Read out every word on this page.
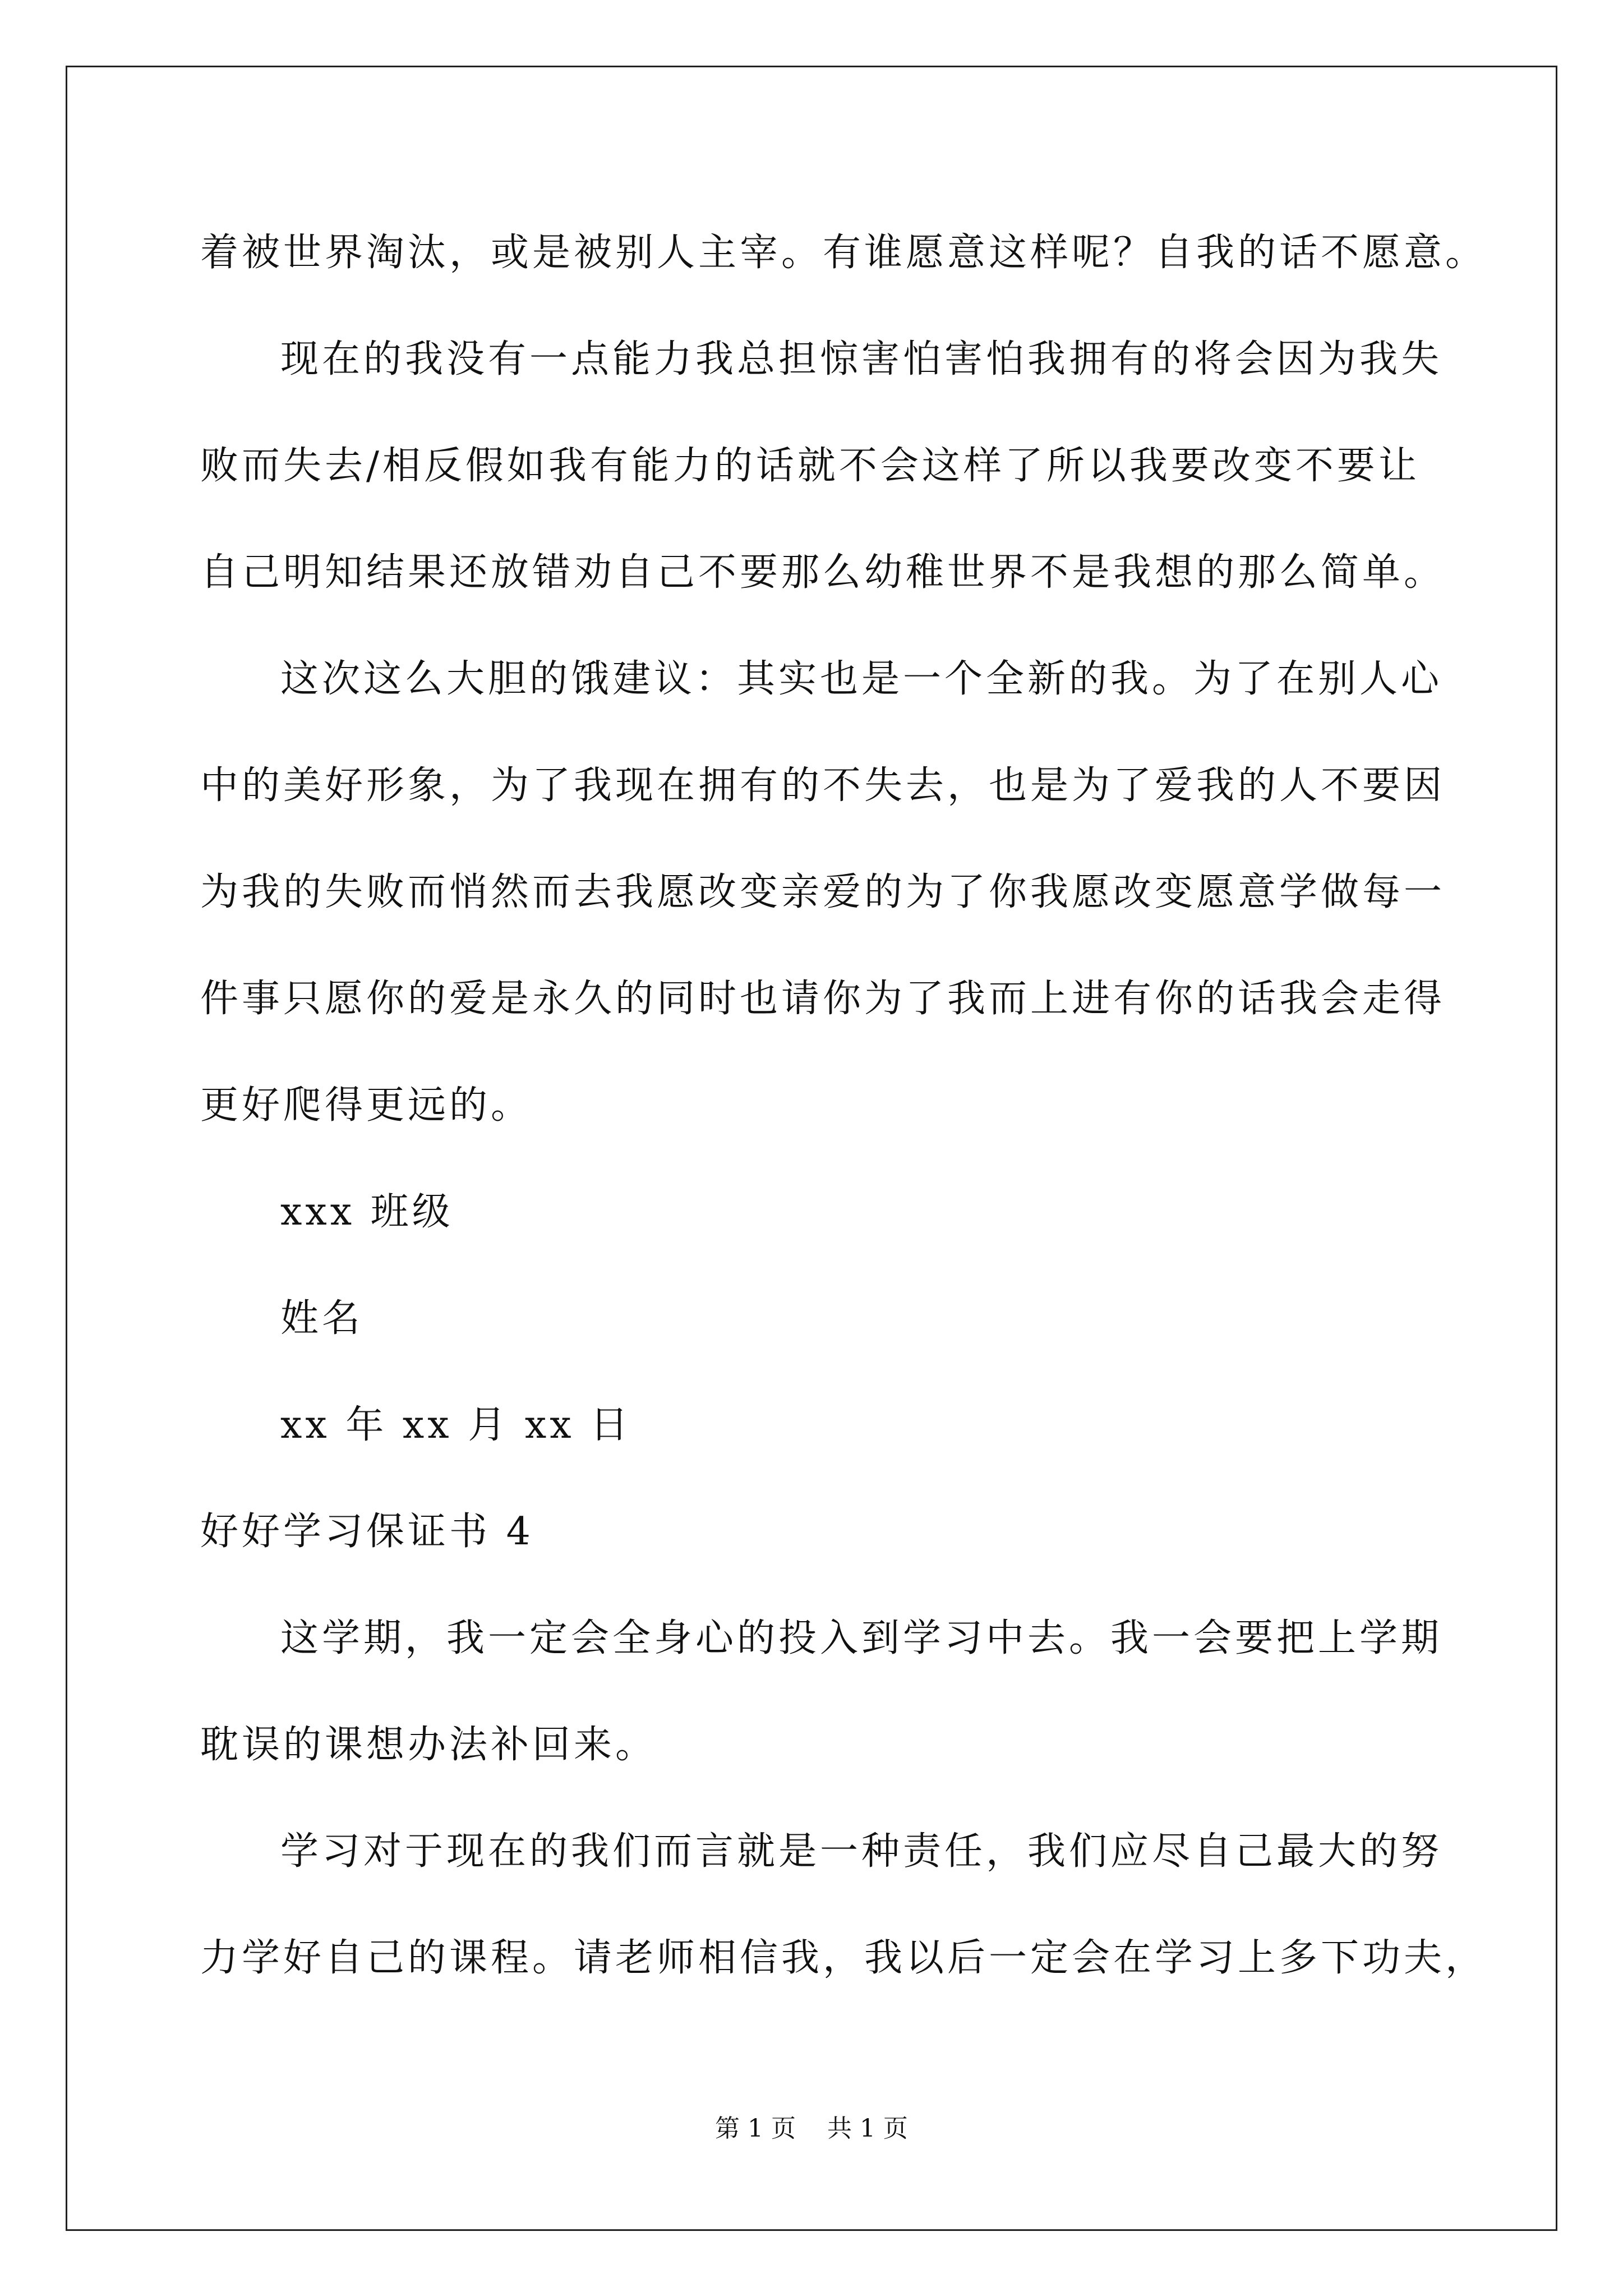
着被世界淘汰，或是被别人主宰。有谁愿意这样呢？自我的话不愿意。
现在的我没有一点能力我总担惊害怕害怕我拥有的将会因为我失
败而失去/相反假如我有能力的话就不会这样了所以我要改变不要让
自己明知结果还放错劝自己不要那么幼稚世界不是我想的那么简单。
这次这么大胆的饿建议：其实也是一个全新的我。为了在别人心
中的美好形象，为了我现在拥有的不失去，也是为了爱我的人不要因
为我的失败而悄然而去我愿改变亲爱的为了你我愿改变愿意学做每一
件事只愿你的爱是永久的同时也请你为了我而上进有你的话我会走得
更好爬得更远的。
xxx 班级
姓名
xx 年 xx 月 xx 日
好好学习保证书 4
这学期，我一定会全身心的投入到学习中去。我一会要把上学期
耽误的课想办法补回来。
学习对于现在的我们而言就是一种责任，我们应尽自己最大的努
力学好自己的课程。请老师相信我，我以后一定会在学习上多下功夫，
第 1 页    共 1 页
